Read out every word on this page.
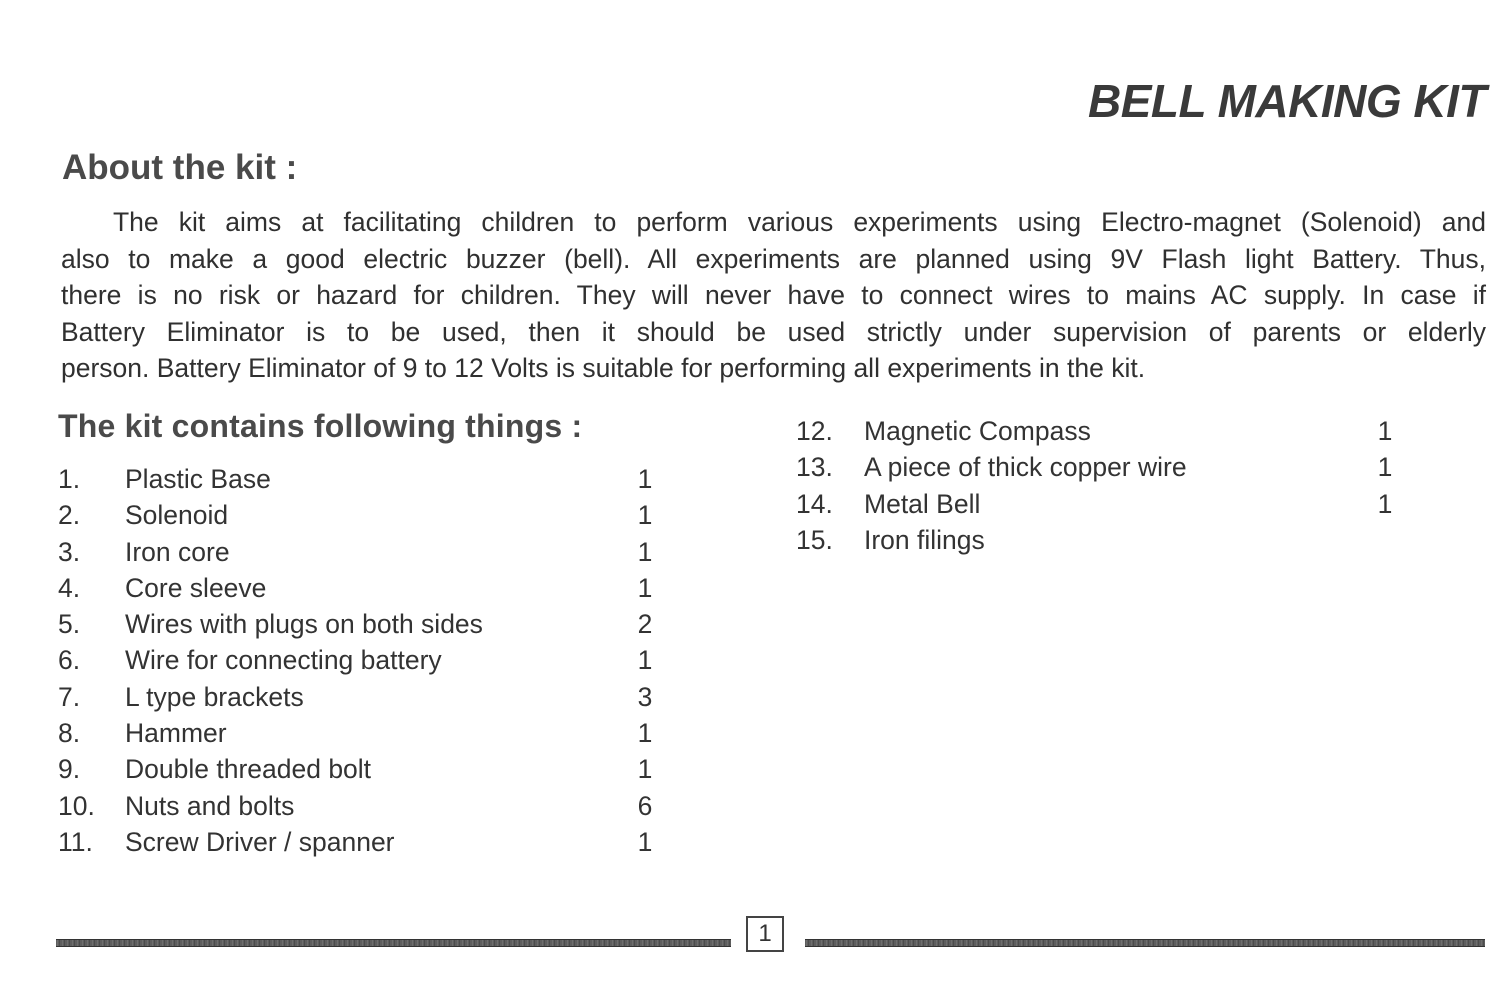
BELL MAKING KIT
About the kit :
The kit aims at facilitating children to perform various experiments using Electro-magnet (Solenoid) and
also to make a good electric buzzer (bell). All experiments are planned using 9V Flash light Battery. Thus,
there is no risk or hazard for children. They will never have to connect wires to mains AC supply. In case if
Battery Eliminator is to be used, then it should be used strictly under supervision of parents or elderly
person. Battery Eliminator of 9 to 12 Volts is suitable for performing all experiments in the kit.
The kit contains following things :
1. Plastic Base	1
2. Solenoid	1
3. Iron core	1
4. Core sleeve	1
5. Wires with plugs on both sides	2
6. Wire for connecting battery	1
7. L type brackets	3
8. Hammer	1
9. Double threaded bolt	1
10. Nuts and bolts	6
11. Screw Driver / spanner	1
12. Magnetic Compass	1
13. A piece of thick copper wire	1
14. Metal Bell	1
15. Iron filings
1
